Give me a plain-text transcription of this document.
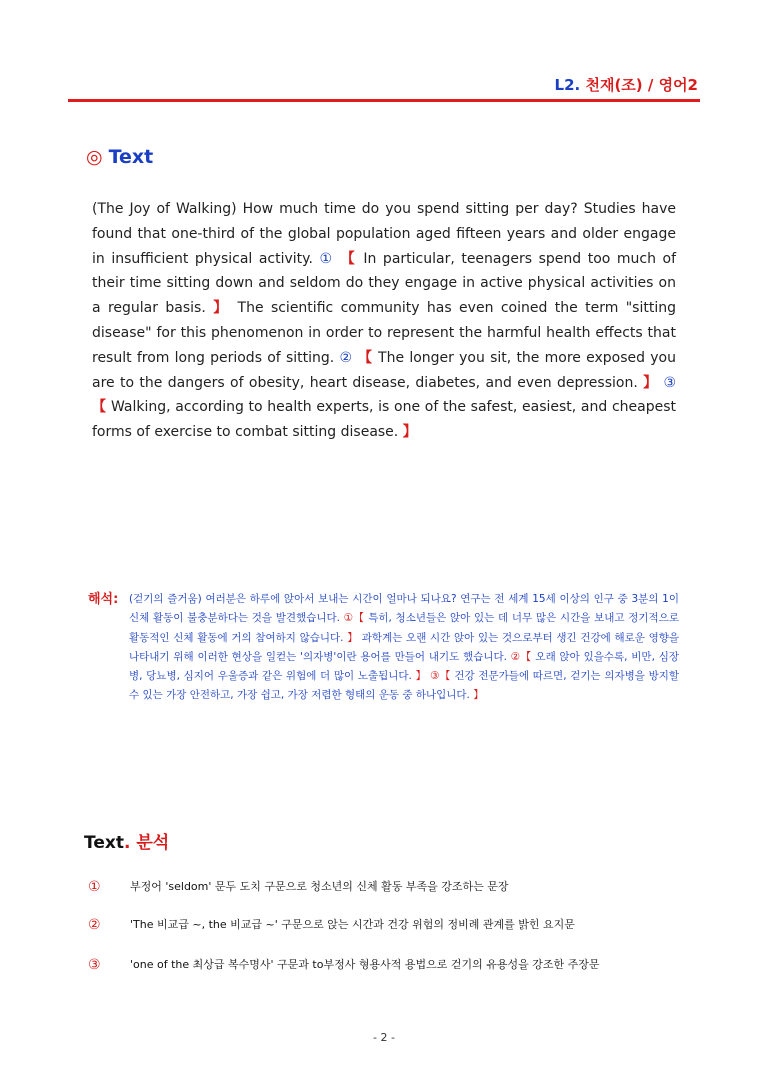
L2. 천재(조) / 영어2
◎ Text
(The Joy of Walking) How much time do you spend sitting per day? Studies have found that one-third of the global population aged fifteen years and older engage in insufficient physical activity. ① 【 In particular, teenagers spend too much of their time sitting down and seldom do they engage in active physical activities on a regular basis. 】 The scientific community has even coined the term "sitting disease" for this phenomenon in order to represent the harmful health effects that result from long periods of sitting. ② 【 The longer you sit, the more exposed you are to the dangers of obesity, heart disease, diabetes, and even depression. 】 ③ 【 Walking, according to health experts, is one of the safest, easiest, and cheapest forms of exercise to combat sitting disease. 】
해석: (걷기의 즐거움) 여러분은 하루에 앉아서 보내는 시간이 얼마나 되나요? 연구는 전 세계 15세 이상의 인구 중 3분의 1이 신체 활동이 불충분하다는 것을 발견했습니다. ①【 특히, 청소년들은 앉아 있는 데 너무 많은 시간을 보내고 정기적으로 활동적인 신체 활동에 거의 참여하지 않습니다. 】 과학계는 오랜 시간 앉아 있는 것으로부터 생긴 건강에 해로운 영향을 나타내기 위해 이러한 현상을 일컫는 '의자병'이란 용어를 만들어 내기도 했습니다. ②【 오래 앉아 있을수록, 비만, 심장병, 당뇨병, 심지어 우울증과 같은 위험에 더 많이 노출됩니다. 】 ③【 건강 전문가들에 따르면, 걷기는 의자병을 방지할 수 있는 가장 안전하고, 가장 쉽고, 가장 저렴한 형태의 운동 중 하나입니다. 】
Text. 분석
①	부정어 'seldom' 문두 도치 구문으로 청소년의 신체 활동 부족을 강조하는 문장
②	'The 비교급 ~, the 비교급 ~' 구문으로 앉는 시간과 건강 위험의 정비례 관계를 밝힌 요지문
③	'one of the 최상급 복수명사' 구문과 to부정사 형용사적 용법으로 걷기의 유용성을 강조한 주장문
- 2 -
